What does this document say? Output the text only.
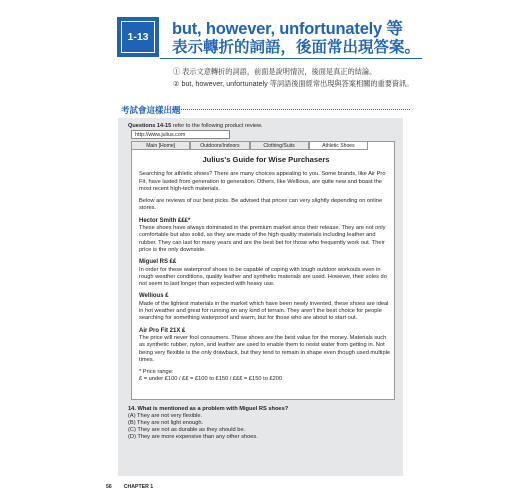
1-13	but, however, unfortunately 等
表示轉折的詞語，後面常出現答案。
① 表示文意轉折的詞語，前面是說明情況，後面是真正的結論。
② but, however, unfortunately 等詞語後面經常出現與答案相關的重要資訊。
考試會這樣出題
Questions 14-15 refer to the following product review.
http://www.julius.com
Main [Home]	Outdoors/Indoors	Clothing/Suits	Athletic Shoes
Julius's Guide for Wise Purchasers
Searching for athletic shoes? There are many choices appealing to you. Some brands, like Air Pro Fit, have lasted from generation to generation. Others, like Wellious, are quite new and boast the most recent high-tech materials.
Below are reviews of our best picks. Be advised that prices can very slightly depending on online stores.
Hector Smith ₤₤₤*
These shoes have always dominated in the premium market since their release. They are not only comfortable but also solid, as they are made of the high quality materials including leather and rubber. They can last for many years and are the best bet for those who frequently work out. Their price is the only downside.
Miguel RS ₤₤
In order for these waterproof shoes to be capable of coping with tough outdoor workouts even in rough weather conditions, quality leather and synthetic materials are used. However, their soles do not seem to last longer than expected with heavy use.
Wellious ₤
Made of the lightest materials in the market which have been newly invented, these shoes are ideal in hot weather and great for running on any kind of terrain. They aren't the best choice for people searching for something waterproof and warm, but for those who are about to start out.
Air Pro Fit 21X ₤
The price will never fool consumers. These shoes are the best value for the money. Materials such as synthetic rubber, nylon, and leather are used to enable them to resist water from getting in. Not being very flexible is the only drawback, but they tend to remain in shape even though used multiple times.
* Price range:
₤ = under ₤100 / ₤₤ = ₤100 to ₤150 / ₤₤₤ = ₤150 to ₤200
14. What is mentioned as a problem with Miguel RS shoes?
(A) They are not very flexible.
(B) They are not light enough.
(C) They are not as durable as they should be.
(D) They are more expensive than any other shoes.
56 CHAPTER 1
